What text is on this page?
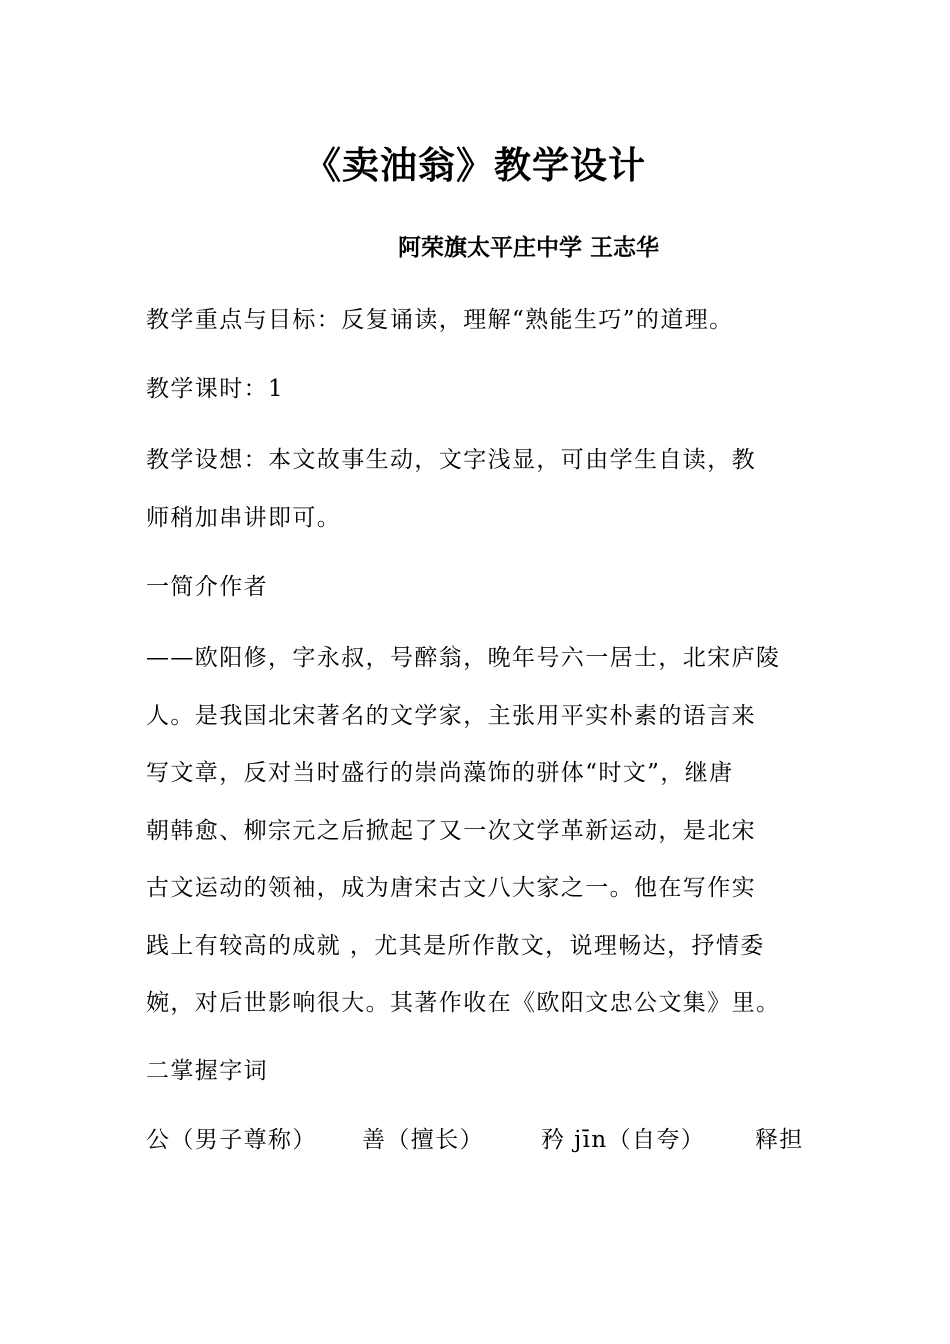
《卖油翁》教学设计
阿荣旗太平庄中学 王志华
教学重点与目标：反复诵读，理解“熟能生巧”的道理。
教学课时：1
教学设想：本文故事生动，文字浅显，可由学生自读，教
师稍加串讲即可。
一简介作者
——欧阳修，字永叔，号醉翁，晚年号六一居士，北宋庐陵
人。是我国北宋著名的文学家，主张用平实朴素的语言来
写文章，反对当时盛行的崇尚藻饰的骈体“时文”，继唐
朝韩愈、柳宗元之后掀起了又一次文学革新运动，是北宋
古文运动的领袖，成为唐宋古文八大家之一。他在写作实
践上有较高的成就 ，尤其是所作散文，说理畅达，抒情委
婉，对后世影响很大。其著作收在《欧阳文忠公文集》里。
二掌握字词
公（男子尊称） 善（擅长） 矜 jīn（自夸） 释担
